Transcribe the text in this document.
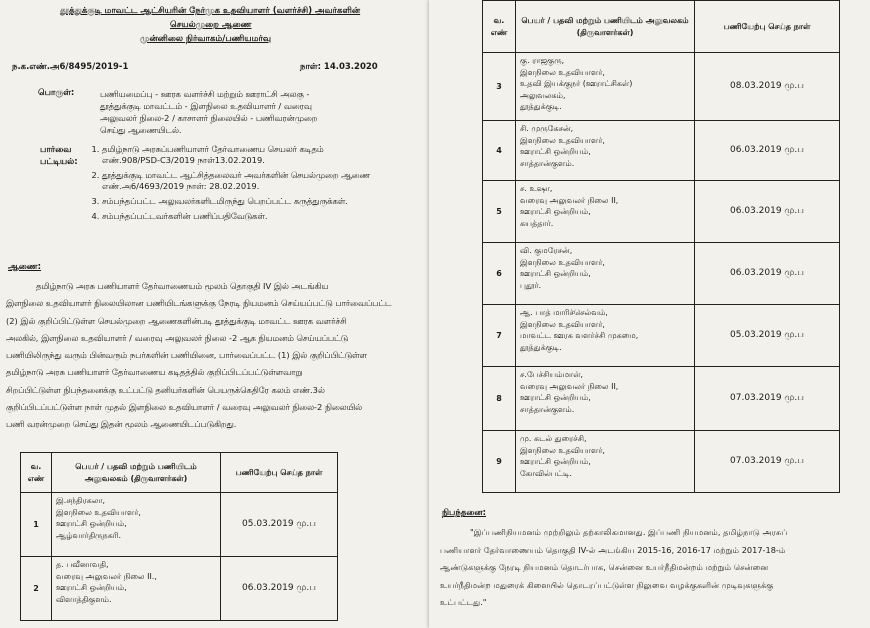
தூத்துக்குடி மாவட்ட ஆட்சியரின் நேர்முக உதவியாளர் (வளர்ச்சி) அவர்களின்
செயல்முறை ஆணை
முன்னிலை நிர்வாகம்/பணியமர்வு
ந.க.எண்.அ6/8495/2019-1	நாள்: 14.03.2020
பொருள்:	பணியமைப்பு - ஊரக வளர்ச்சி மற்றும் ஊராட்சி அலகு -
தூத்துக்குடி மாவட்டம் - இளநிலை உதவியாளர் / வரைவு
அலுவலர் நிலை-2 / காசாளர் நிலையில் - பணிவரன்முறை
செய்து ஆணையிடல்.
பார்வை பட்டியல்:
1. தமிழ்நாடு அரசுப்பணியாளர் தேர்வாணைய செயலர் கடிதம் எண்.908/PSD-C3/2019 நாள்13.02.2019.
2. தூத்துக்குடி மாவட்ட ஆட்சித்தலைவர் அவர்களின் செயல்முறை ஆணை எண்.அ6/4693/2019 நாள்: 28.02.2019.
3. சம்பந்தப்பட்ட அலுவலர்களிடமிருந்து பெறப்பட்ட கருத்துருக்கள்.
4. சம்பந்தப்பட்டவர்களின் பணிப்பதிவேடுகள்.
ஆணை:
தமிழ்நாடு அரசு பணியாளர் தேர்வாணையம் மூலம் தொகுதி IV இல் அடங்கிய
இளநிலை உதவியாளர் நிலையிலான பணியிடங்களுக்கு நேரடி நியமனம் செய்யப்பட்டு பார்வைப்பட்ட
(2) இல் குறிப்பிட்டுள்ள செயல்முறை ஆணைகளின்படி தூத்துக்குடி மாவட்ட ஊரக வளர்ச்சி
அலகில், இளநிலை உதவியாளர் / வரைவு அலுவலர் நிலை -2 ஆக நியமனம் செய்யப்பட்டு
பணியிலிருந்து வரும் பின்வரும் நபர்களின் பணியினை, பார்வைப்பட்ட (1) இல் குறிப்பிட்டுள்ள
தமிழ்நாடு அரசு பணியாளர் தேர்வாணைய கடிதத்தில் குறிப்பிடப்பட்டுள்ளவாறு
சிறப்பிட்டுள்ள நிபந்தனைக்கு உட்பட்டு தனியர்களின் பெயருக்கெதிரே கலம் எண்.3ல்
குறிப்பிடப்பட்டுள்ள நாள் முதல் இளநிலை உதவியாளர் / வரைவு அலுவலர் நிலை-2 நிலையில்
பணி வரன்முறை செய்து இதன் மூலம் ஆணையிடப்படுகிறது.
வ. எண்	பெயர் / பதவி மற்றும் பணியிடம் அலுவலகம் (திருவாளர்கள்)	பணியேற்பு செய்த நாள்
1	இ.சந்திரகலா,
இளநிலை உதவியாளர்,
ஊராட்சி ஒன்றியம்,
ஆழ்வார்திருநகரி.	05.03.2019 மு.ப
2	த. பவீனாவதி,
வரைவு அலுவலர் நிலை II.,
ஊராட்சி ஒன்றியம்,
விளாத்திகுளம்.	06.03.2019 மு.ப
வ. எண்	பெயர் / பதவி மற்றும் பணியிடம் அலுவலகம் (திருவாளர்கள்)	பணியேற்பு செய்த நாள்
3	கு. ராஜகுரு,
இளநிலை உதவியாளர்,
உதவி இயக்குநர் (ஊராட்சிகள்)
அலுவலகம்,
தூத்துக்குடி.	08.03.2019 மு.ப
4	சி. முருகேசன்,
இளநிலை உதவியாளர்,
ஊராட்சி ஒன்றியம்,
சாத்தான்குளம்.	06.03.2019 மு.ப
5	ச. உஷா,
வரைவு அலுவலர் நிலை II,
ஊராட்சி ஒன்றியம்,
கயத்தார்.	06.03.2019 மு.ப
6	வி. குமரேசன்,
இளநிலை உதவியாளர்,
ஊராட்சி ஒன்றியம்,
புதூர்.	06.03.2019 மு.ப
7	ஆ. பாத் மாரிச்செல்வம்,
இளநிலை உதவியாளர்,
மாவட்ட ஊரக வளர்ச்சி முகமை,
தூத்துக்குடி.	05.03.2019 மு.ப
8	ச.பேச்சியம்மாள்,
வரைவு அலுவலர் நிலை II,
ஊராட்சி ஒன்றியம்,
சாத்தான்குளம்.	07.03.2019 மு.ப
9	மு. கடல் துரைச்சி,
இளநிலை உதவியாளர்,
ஊராட்சி ஒன்றியம்,
கோவில்பட்டி.	07.03.2019 மு.ப
நிபந்தனை:
"இப்பணிநியமனம் முற்றிலும் தற்காலிகமானது. இப்பணி நியமனம், தமிழ்நாடு அரசுப்
பணியாளர் தேர்வாணையம் தொகுதி IV-ல் அடங்கிய 2015-16, 2016-17 மற்றும் 2017-18-ம்
ஆண்டுகளுக்கு நேரடி நியமனம் தொடர்பாக, சென்னை உயர்நீதிமன்றம் மற்றும் சென்னை
உயர்நீதிமன்ற மதுரைக் கிளையில் தொடரப்பட்டுள்ள நிலுவை வழக்குகளின் முடிவுகளுக்கு
உட்பட்டது."
